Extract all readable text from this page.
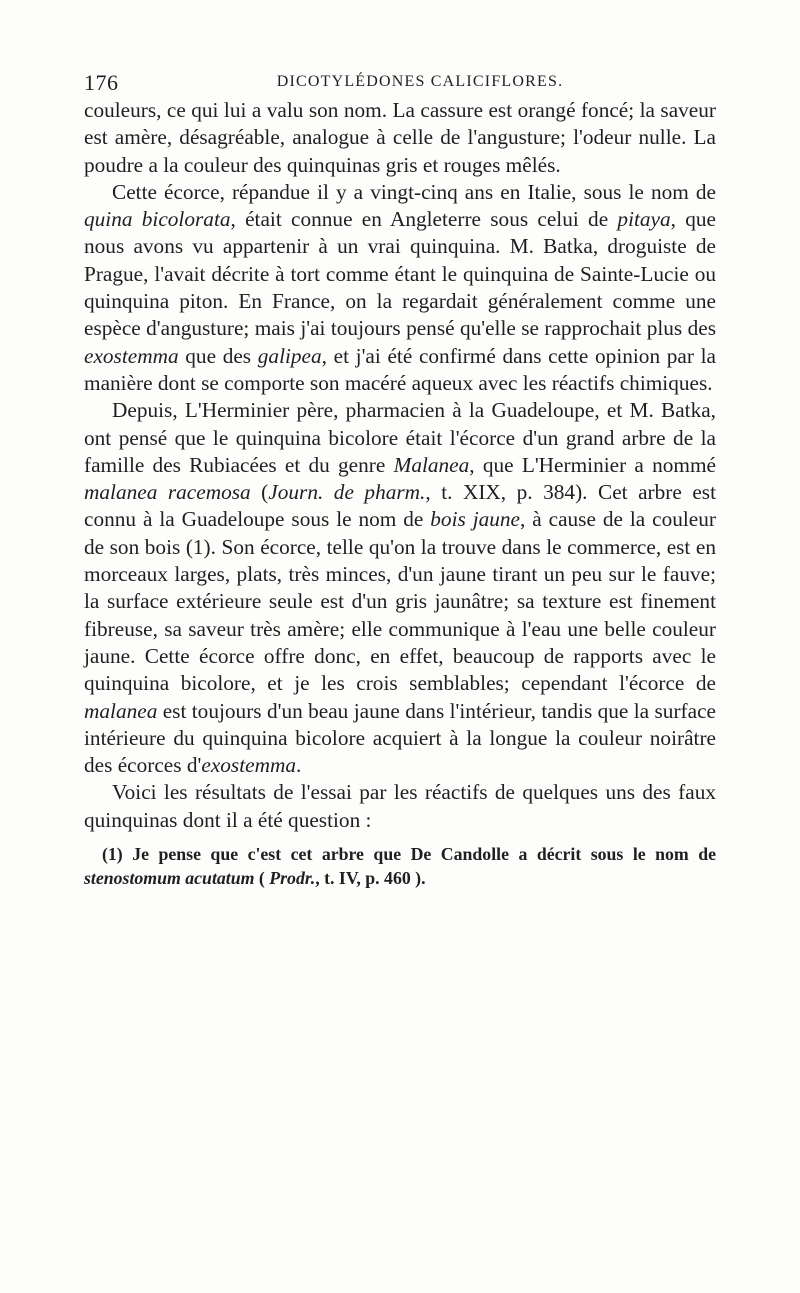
176	DICOTYLÉDONES CALICIFLORES.

couleurs, ce qui lui a valu son nom. La cassure est orangé foncé; la saveur est amère, désagréable, analogue à celle de l'angusture; l'odeur nulle. La poudre a la couleur des quinquinas gris et rouges mêlés.

Cette écorce, répandue il y a vingt-cinq ans en Italie, sous le nom de quina bicolorata, était connue en Angleterre sous celui de pitaya, que nous avons vu appartenir à un vrai quinquina. M. Batka, droguiste de Prague, l'avait décrite à tort comme étant le quinquina de Sainte-Lucie ou quinquina piton. En France, on la regardait généralement comme une espèce d'angusture; mais j'ai toujours pensé qu'elle se rapprochait plus des exostemma que des galipea, et j'ai été confirmé dans cette opinion par la manière dont se comporte son macéré aqueux avec les réactifs chimiques.

Depuis, L'Herminier père, pharmacien à la Guadeloupe, et M. Batka, ont pensé que le quinquina bicolore était l'écorce d'un grand arbre de la famille des Rubiacées et du genre Malanea, que L'Herminier a nommé malanea racemosa (Journ. de pharm., t. XIX, p. 384). Cet arbre est connu à la Guadeloupe sous le nom de bois jaune, à cause de la couleur de son bois (1). Son écorce, telle qu'on la trouve dans le commerce, est en morceaux larges, plats, très minces, d'un jaune tirant un peu sur le fauve; la surface extérieure seule est d'un gris jaunâtre; sa texture est finement fibreuse, sa saveur très amère; elle communique à l'eau une belle couleur jaune. Cette écorce offre donc, en effet, beaucoup de rapports avec le quinquina bicolore, et je les crois semblables; cependant l'écorce de malanea est toujours d'un beau jaune dans l'intérieur, tandis que la surface intérieure du quinquina bicolore acquiert à la longue la couleur noirâtre des écorces d'exostemma.

Voici les résultats de l'essai par les réactifs de quelques uns des faux quinquinas dont il a été question :

(1) Je pense que c'est cet arbre que De Candolle a décrit sous le nom de stenostomum acutatum ( Prodr., t. IV, p. 460 ).
